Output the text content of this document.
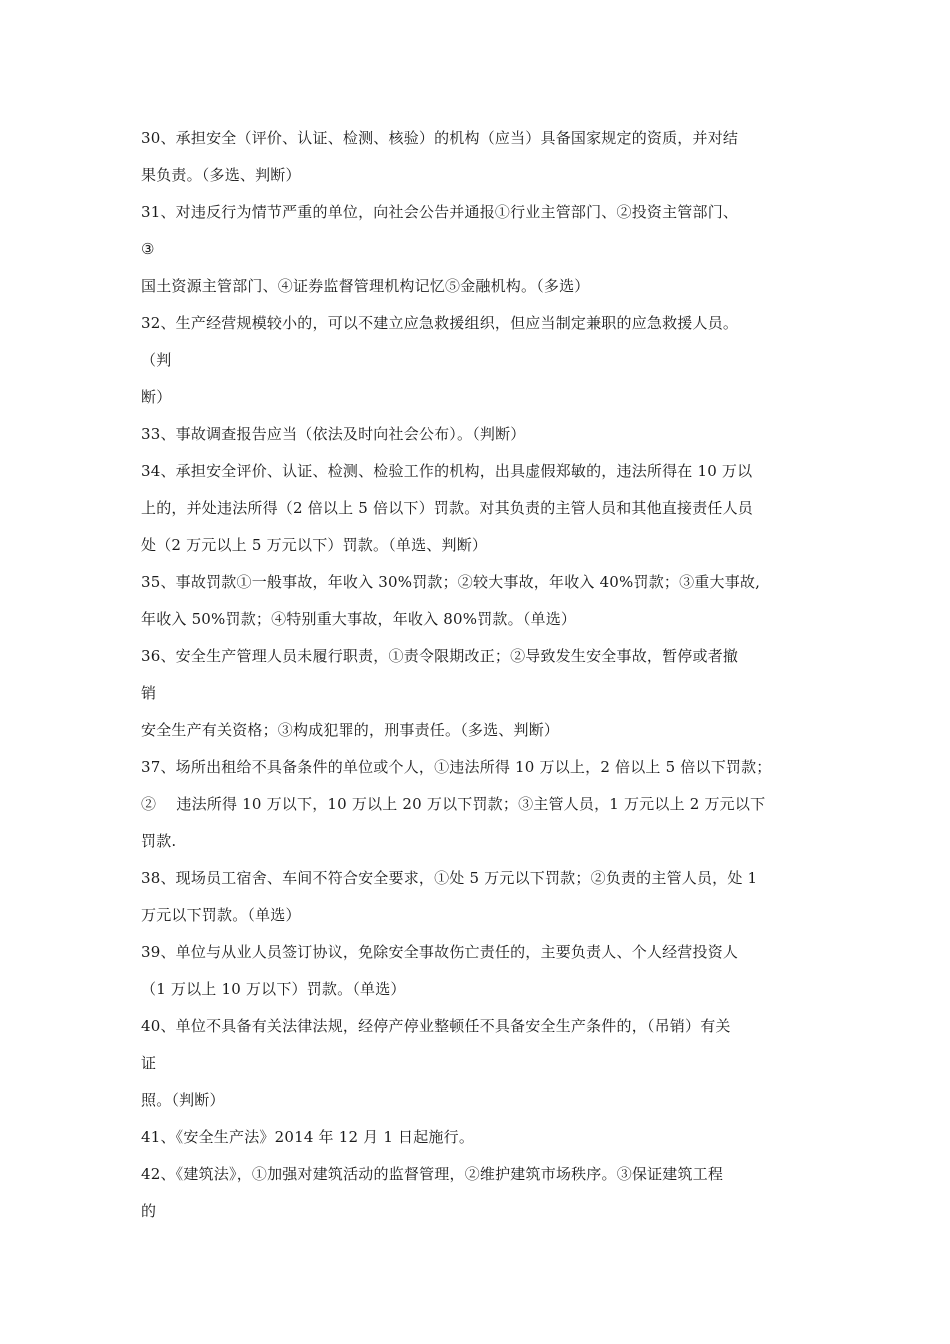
30、承担安全（评价、认证、检测、核验）的机构（应当）具备国家规定的资质，并对结
果负责。（多选、判断）
31、对违反行为情节严重的单位，向社会公告并通报①行业主管部门、②投资主管部门、
③
国土资源主管部门、④证券监督管理机构记忆⑤金融机构。（多选）
32、生产经营规模较小的，可以不建立应急救援组织，但应当制定兼职的应急救援人员。
（判
断）
33、事故调查报告应当（依法及时向社会公布）。（判断）
34、承担安全评价、认证、检测、检验工作的机构，出具虚假郑敏的，违法所得在 10 万以
上的，并处违法所得（2 倍以上 5 倍以下）罚款。对其负责的主管人员和其他直接责任人员
处（2 万元以上 5 万元以下）罚款。（单选、判断）
35、事故罚款①一般事故，年收入 30%罚款；②较大事故，年收入 40%罚款；③重大事故,
年收入 50%罚款；④特别重大事故，年收入 80%罚款。（单选）
36、安全生产管理人员未履行职责，①责令限期改正；②导致发生安全事故，暂停或者撤
销
安全生产有关资格；③构成犯罪的，刑事责任。（多选、判断）
37、场所出租给不具备条件的单位或个人，①违法所得 10 万以上，2 倍以上 5 倍以下罚款；
②　 违法所得 10 万以下，10 万以上 20 万以下罚款；③主管人员，1 万元以上 2 万元以下
罚款.
38、现场员工宿舍、车间不符合安全要求，①处 5 万元以下罚款；②负责的主管人员，处 1
万元以下罚款。（单选）
39、单位与从业人员签订协议，免除安全事故伤亡责任的，主要负责人、个人经营投资人
（1 万以上 10 万以下）罚款。（单选）
40、单位不具备有关法律法规，经停产停业整顿任不具备安全生产条件的，（吊销）有关
证
照。（判断）
41、《安全生产法》2014 年 12 月 1 日起施行。
42、《建筑法》，①加强对建筑活动的监督管理，②维护建筑市场秩序。③保证建筑工程
的
